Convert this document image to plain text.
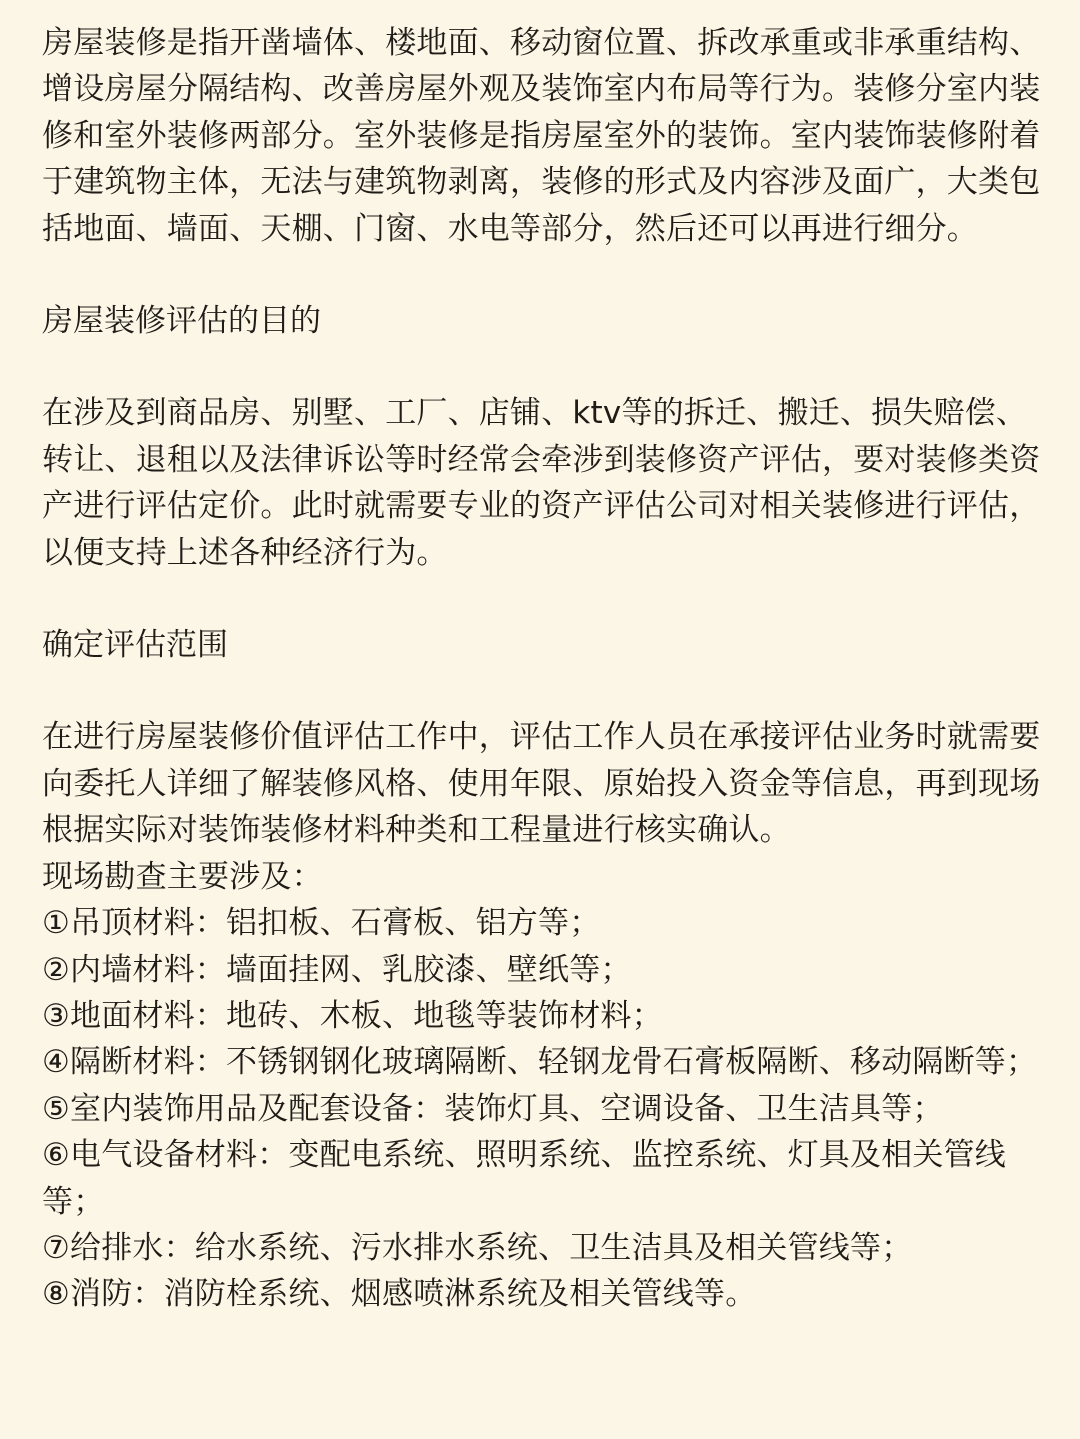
房屋装修是指开凿墙体、楼地面、移动窗位置、拆改承重或非承重结构、增设房屋分隔结构、改善房屋外观及装饰室内布局等行为。装修分室内装修和室外装修两部分。室外装修是指房屋室外的装饰。室内装饰装修附着于建筑物主体，无法与建筑物剥离，装修的形式及内容涉及面广，大类包括地面、墙面、天棚、门窗、水电等部分，然后还可以再进行细分。

房屋装修评估的目的

在涉及到商品房、别墅、工厂、店铺、ktv等的拆迁、搬迁、损失赔偿、转让、退租以及法律诉讼等时经常会牵涉到装修资产评估，要对装修类资产进行评估定价。此时就需要专业的资产评估公司对相关装修进行评估，以便支持上述各种经济行为。

确定评估范围

在进行房屋装修价值评估工作中，评估工作人员在承接评估业务时就需要向委托人详细了解装修风格、使用年限、原始投入资金等信息，再到现场根据实际对装饰装修材料种类和工程量进行核实确认。

现场勘查主要涉及：

①吊顶材料：铝扣板、石膏板、铝方等；
②内墙材料：墙面挂网、乳胶漆、壁纸等；
③地面材料：地砖、木板、地毯等装饰材料；
④隔断材料：不锈钢钢化玻璃隔断、轻钢龙骨石膏板隔断、移动隔断等；
⑤室内装饰用品及配套设备：装饰灯具、空调设备、卫生洁具等；
⑥电气设备材料：变配电系统、照明系统、监控系统、灯具及相关管线等；
⑦给排水：给水系统、污水排水系统、卫生洁具及相关管线等；
⑧消防：消防栓系统、烟感喷淋系统及相关管线等。
